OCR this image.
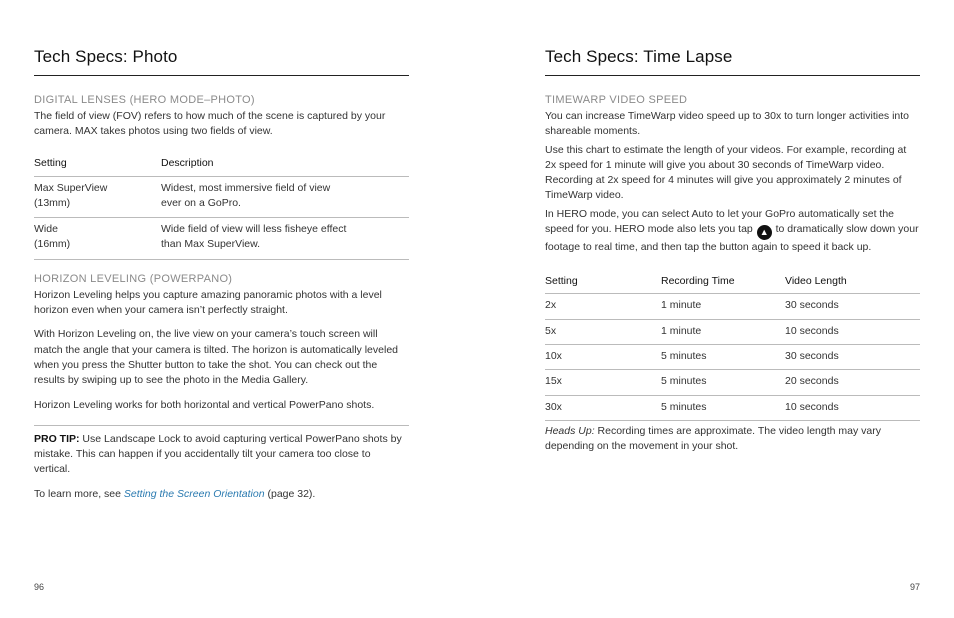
Tech Specs: Photo
DIGITAL LENSES (HERO MODE–PHOTO)

The field of view (FOV) refers to how much of the scene is captured by your camera. MAX takes photos using two fields of view.

Setting	Description
Max SuperView
(13mm)	Widest, most immersive field of view
ever on a GoPro.
Wide
(16mm)	Wide field of view will less fisheye effect
than Max SuperView.
HORIZON LEVELING (POWERPANO)

Horizon Leveling helps you capture amazing panoramic photos with a level horizon even when your camera isn’t perfectly straight.

With Horizon Leveling on, the live view on your camera’s touch screen will match the angle that your camera is tilted. The horizon is automatically leveled when you press the Shutter button to take the shot. You can check out the results by swiping up to see the photo in the Media Gallery.

Horizon Leveling works for both horizontal and vertical PowerPano shots.

PRO TIP: Use Landscape Lock to avoid capturing vertical PowerPano shots by mistake. This can happen if you accidentally tilt your camera too close to vertical.

To learn more, see Setting the Screen Orientation (page 32).

96
Tech Specs: Time Lapse
TIMEWARP VIDEO SPEED

You can increase TimeWarp video speed up to 30x to turn longer activities into shareable moments.

Use this chart to estimate the length of your videos. For example, recording at 2x speed for 1 minute will give you about 30 seconds of TimeWarp video. Recording at 2x speed for 4 minutes will give you approximately 2 minutes of TimeWarp video.

In HERO mode, you can select Auto to let your GoPro automatically set the speed for you. HERO mode also lets you tap ▲ to dramatically slow down your footage to real time, and then tap the button again to speed it back up.

Setting	Recording Time	Video Length
2x	1 minute	30 seconds
5x	1 minute	10 seconds
10x	5 minutes	30 seconds
15x	5 minutes	20 seconds
30x	5 minutes	10 seconds

Heads Up: Recording times are approximate. The video length may vary depending on the movement in your shot.

97
